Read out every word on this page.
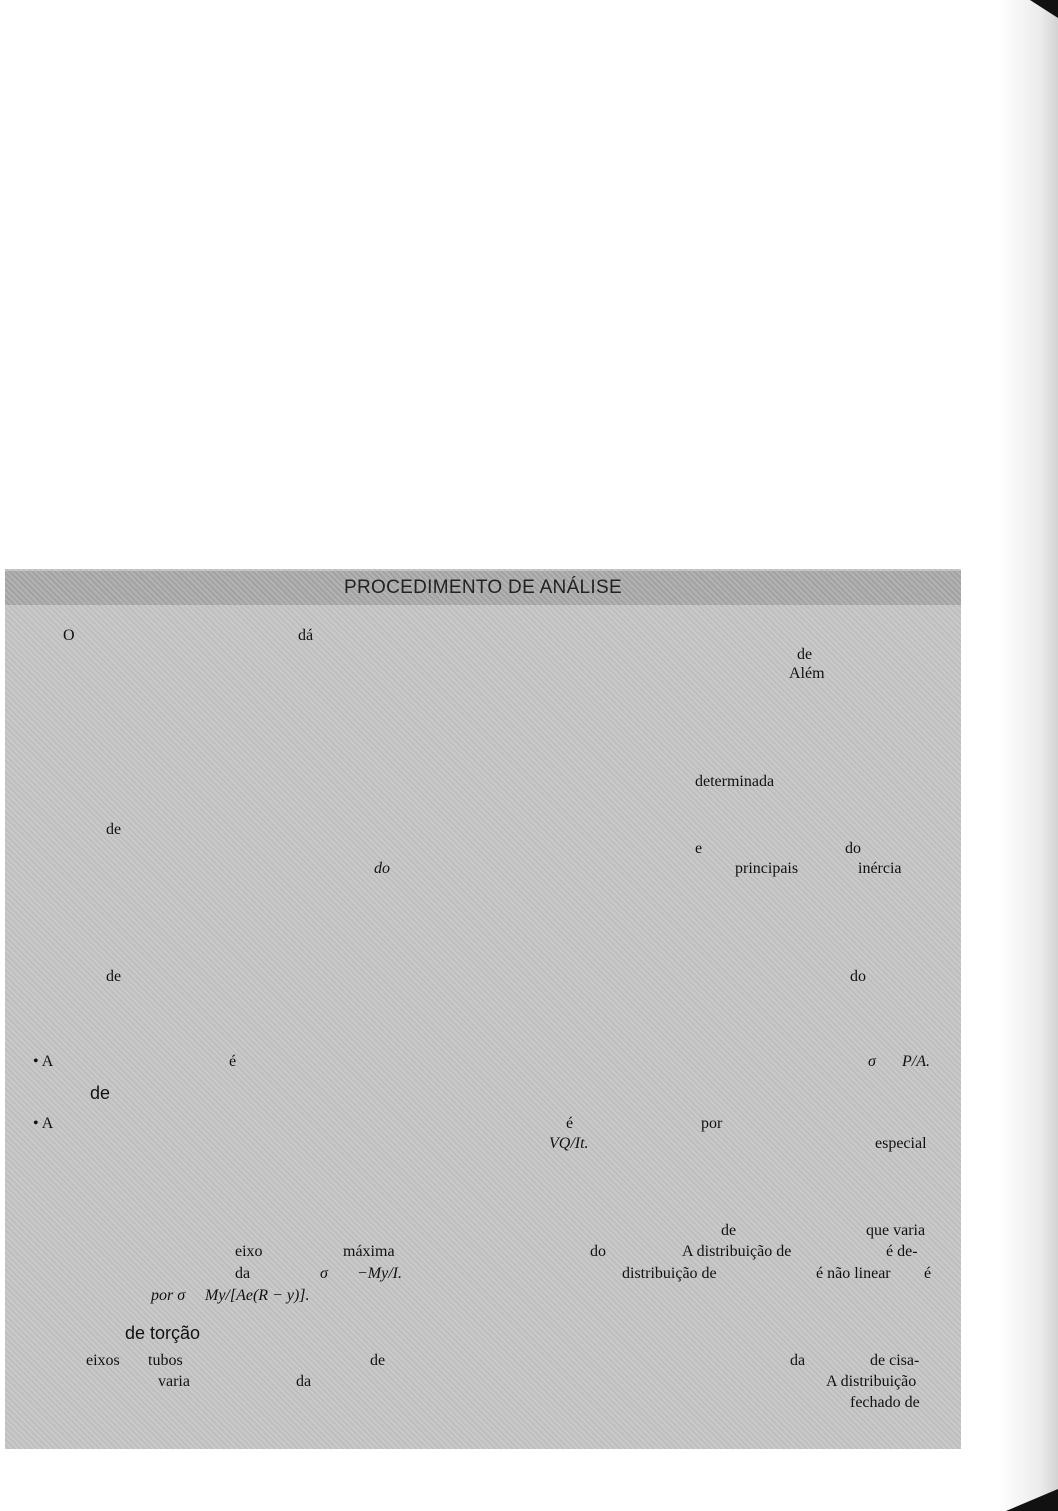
PROCEDIMENTO DE ANÁLISE
O	dá
de
Além
determinada
de
e	do
do	principais	inércia
de	do
• A	é	σ P/A.
de
• A	é	por
VQ/It.	especial
de	que varia
eixo	máxima	do	A distribuição de	é de-
da	σ −My/I.	distribuição de	é não linear é
por σ My/[Ae(R − y)].
de torção
eixos tubos	de	da	de cisa-
varia	da	A distribuição
fechado de
